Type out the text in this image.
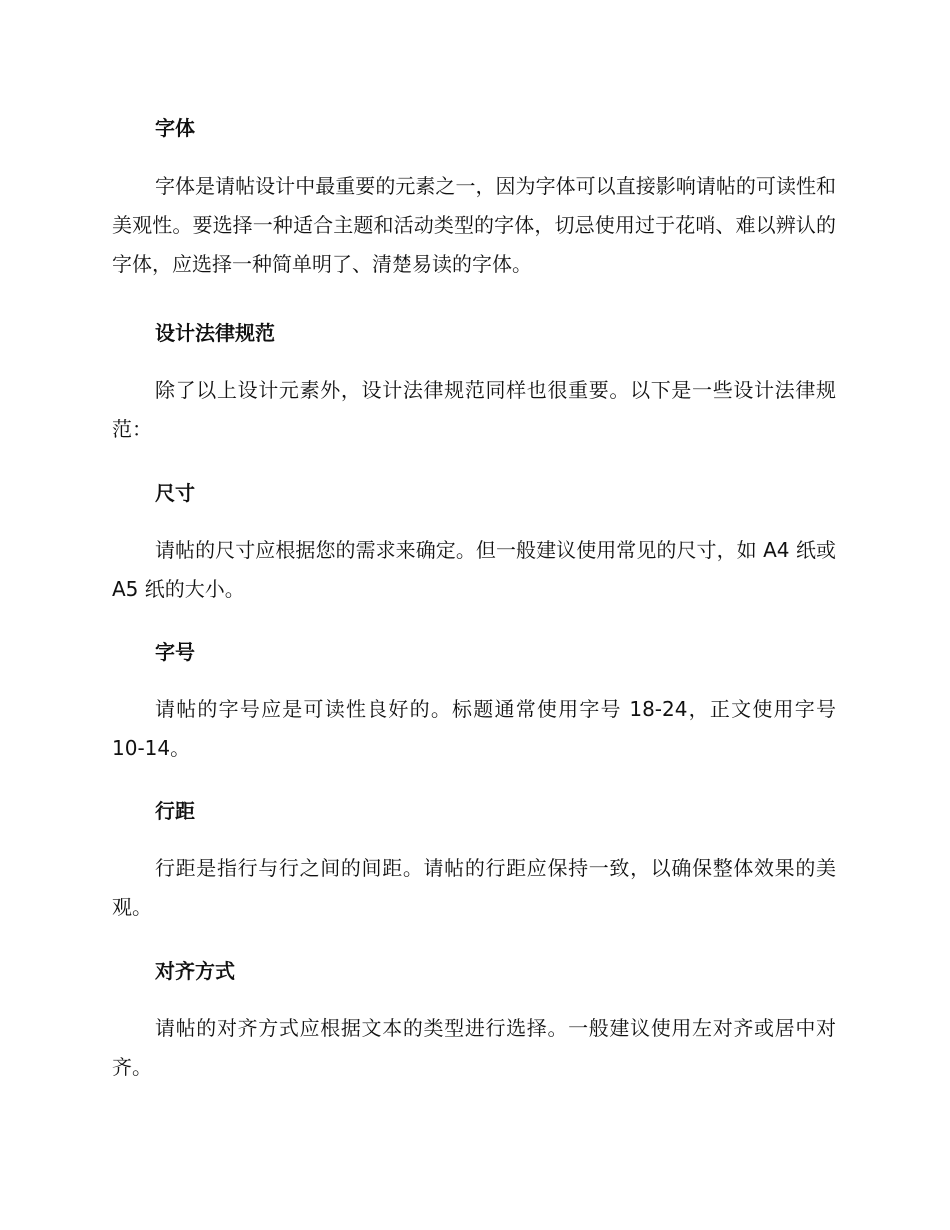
字体

字体是请帖设计中最重要的元素之一，因为字体可以直接影响请帖的可读性和美观性。要选择一种适合主题和活动类型的字体，切忌使用过于花哨、难以辨认的字体，应选择一种简单明了、清楚易读的字体。

设计法律规范

除了以上设计元素外，设计法律规范同样也很重要。以下是一些设计法律规范：

尺寸

请帖的尺寸应根据您的需求来确定。但一般建议使用常见的尺寸，如 A4 纸或 A5 纸的大小。

字号

请帖的字号应是可读性良好的。标题通常使用字号 18-24，正文使用字号 10-14。

行距

行距是指行与行之间的间距。请帖的行距应保持一致，以确保整体效果的美观。

对齐方式

请帖的对齐方式应根据文本的类型进行选择。一般建议使用左对齐或居中对齐。
